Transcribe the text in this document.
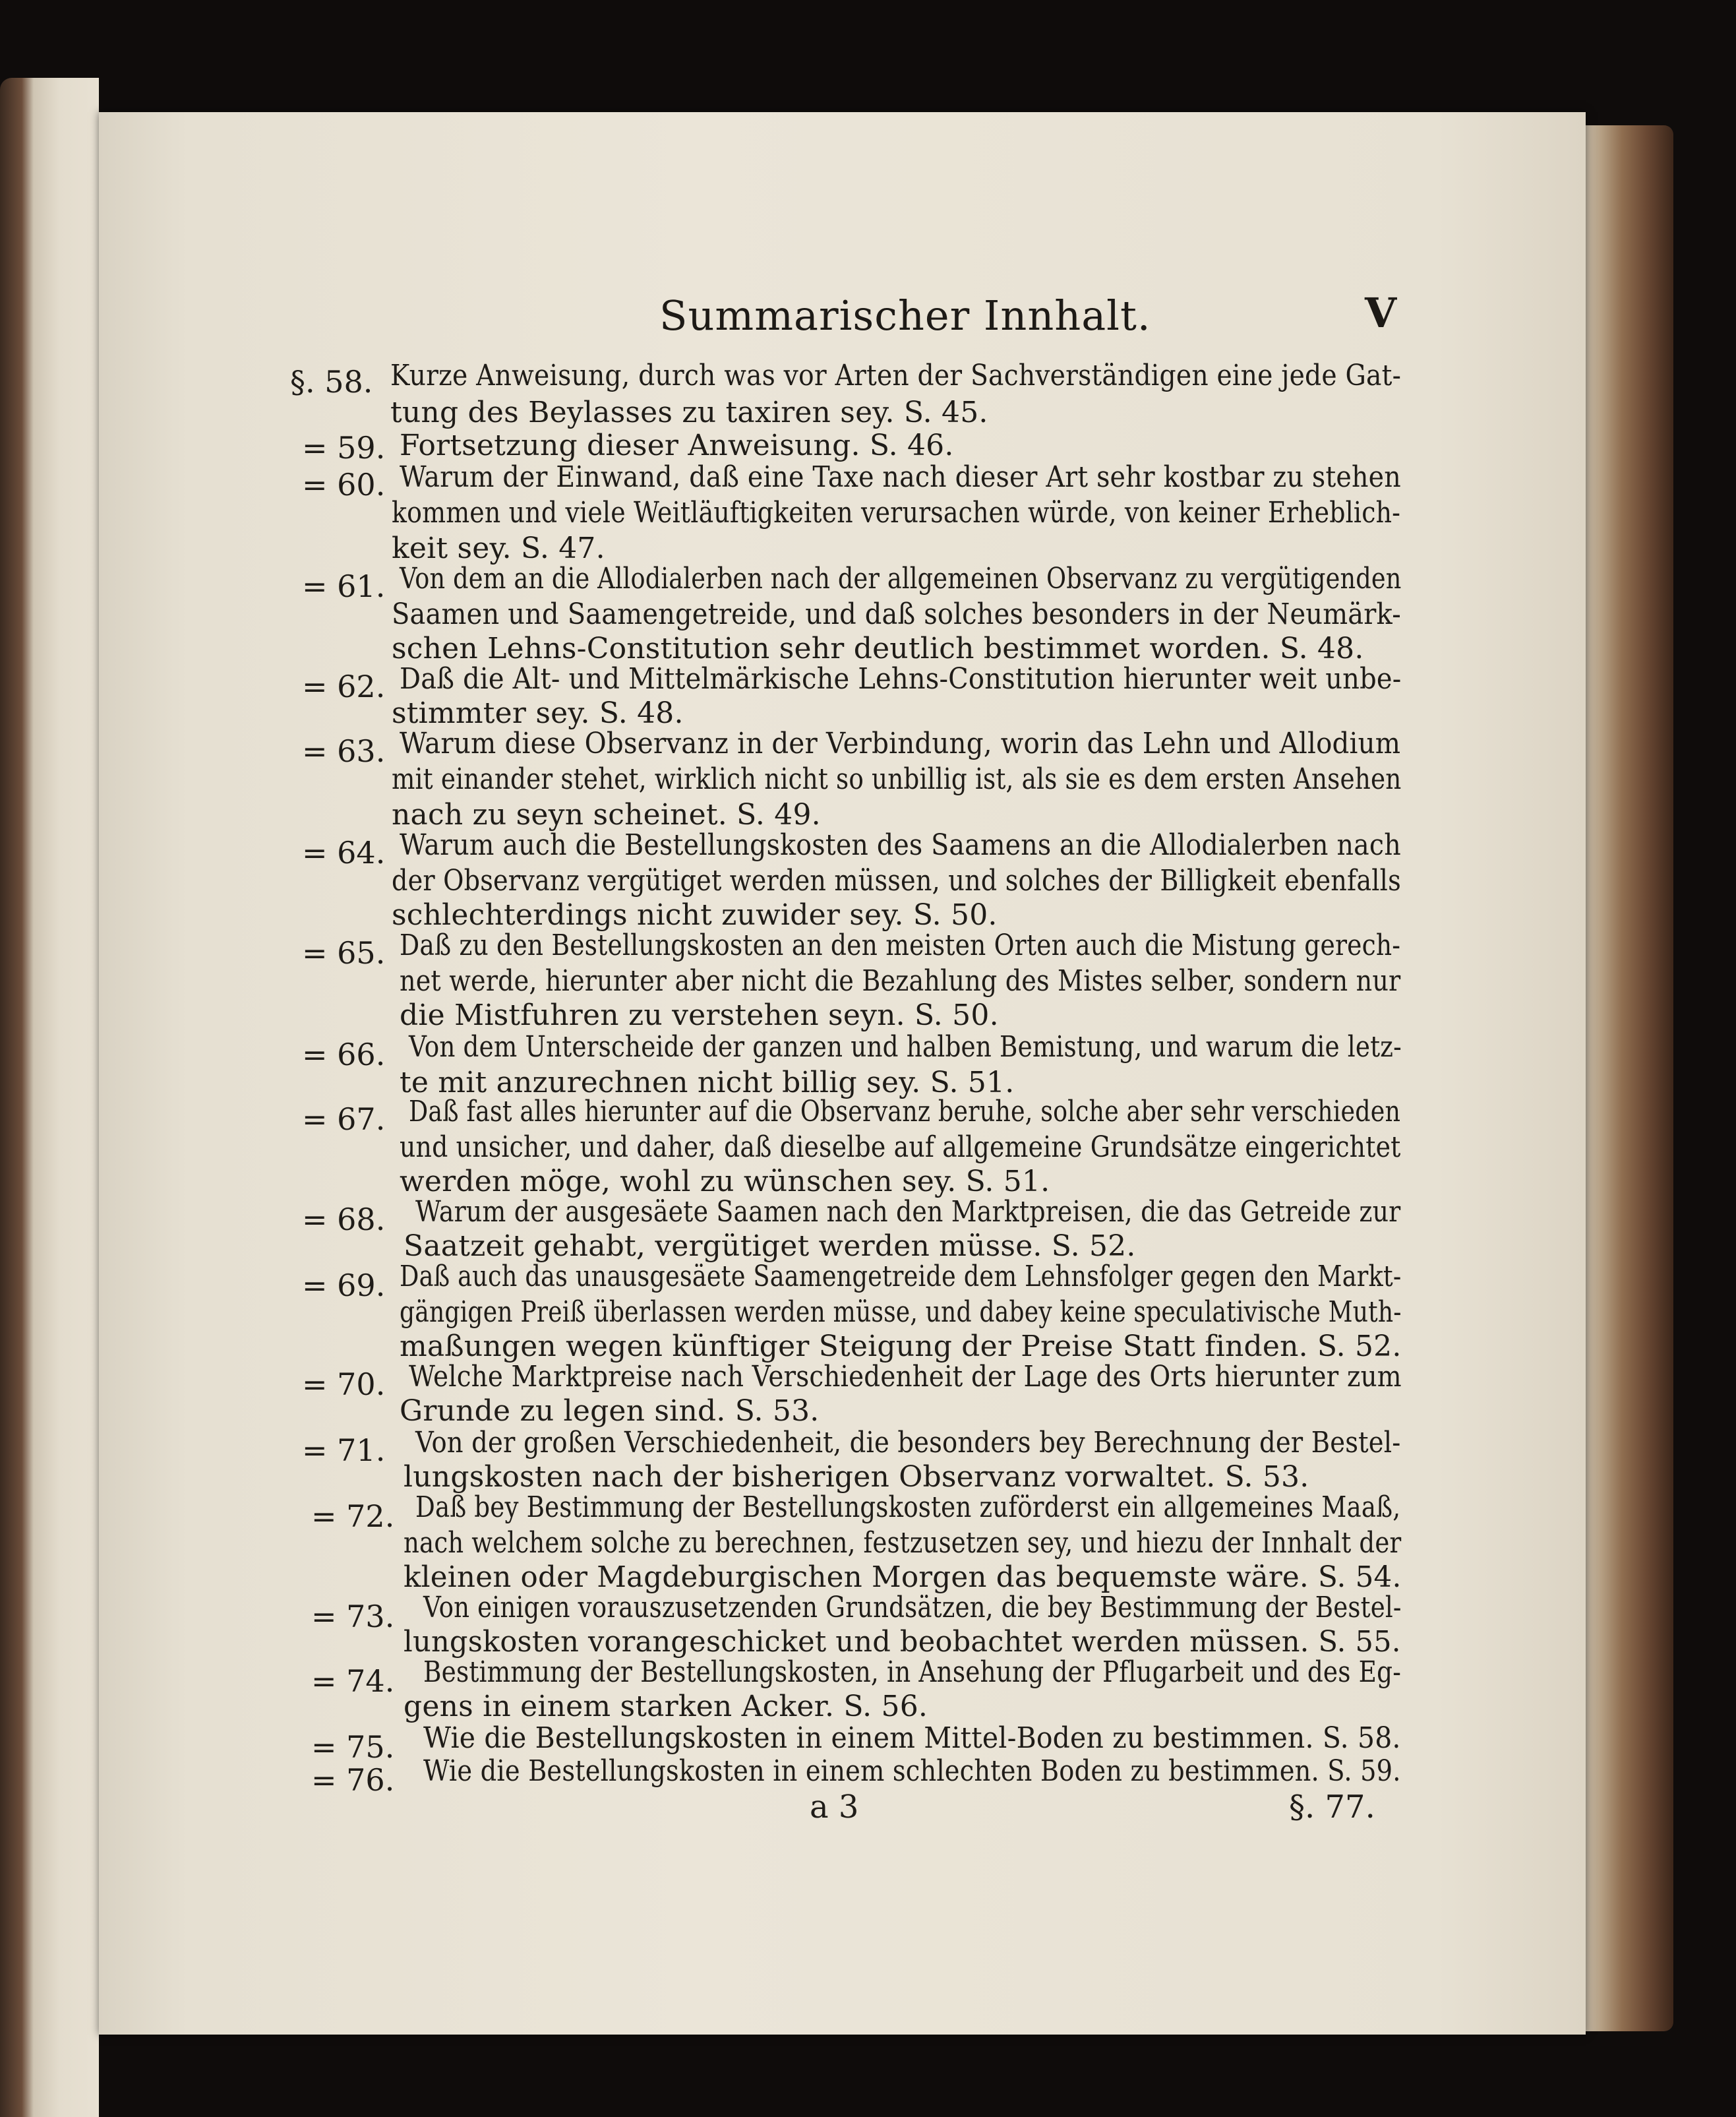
Summarischer Innhalt.	V
§. 58. Kurze Anweisung, durch was vor Arten der Sachverständigen eine jede Gat-
tung des Beylasses zu taxiren sey. S. 45.
= 59. Fortsetzung dieser Anweisung. S. 46.
= 60. Warum der Einwand, daß eine Taxe nach dieser Art sehr kostbar zu stehen
kommen und viele Weitläuftigkeiten verursachen würde, von keiner Erheblich-
keit sey. S. 47.
= 61. Von dem an die Allodialerben nach der allgemeinen Observanz zu vergütigenden
Saamen und Saamengetreide, und daß solches besonders in der Neumärk-
schen Lehns-Constitution sehr deutlich bestimmet worden. S. 48.
= 62. Daß die Alt- und Mittelmärkische Lehns-Constitution hierunter weit unbe-
stimmter sey. S. 48.
= 63. Warum diese Observanz in der Verbindung, worin das Lehn und Allodium
mit einander stehet, wirklich nicht so unbillig ist, als sie es dem ersten Ansehen
nach zu seyn scheinet. S. 49.
= 64. Warum auch die Bestellungskosten des Saamens an die Allodialerben nach
der Observanz vergütiget werden müssen, und solches der Billigkeit ebenfalls
schlechterdings nicht zuwider sey. S. 50.
= 65. Daß zu den Bestellungskosten an den meisten Orten auch die Mistung gerech-
net werde, hierunter aber nicht die Bezahlung des Mistes selber, sondern nur
die Mistfuhren zu verstehen seyn. S. 50.
= 66. Von dem Unterscheide der ganzen und halben Bemistung, und warum die letz-
te mit anzurechnen nicht billig sey. S. 51.
= 67. Daß fast alles hierunter auf die Observanz beruhe, solche aber sehr verschieden
und unsicher, und daher, daß dieselbe auf allgemeine Grundsätze eingerichtet
werden möge, wohl zu wünschen sey. S. 51.
= 68.	Warum der ausgesäete Saamen nach den Marktpreisen, die das Getreide zur
Saatzeit gehabt, vergütiget werden müsse. S. 52.
= 69. Daß auch das unausgesäete Saamengetreide dem Lehnsfolger gegen den Markt-
gängigen Preiß überlassen werden müsse, und dabey keine speculativische Muth-
maßungen wegen künftiger Steigung der Preise Statt finden. S. 52.
= 70. Welche Marktpreise nach Verschiedenheit der Lage des Orts hierunter zum
Grunde zu legen sind. S. 53.
= 71.	Von der großen Verschiedenheit, die besonders bey Berechnung der Bestel-
lungskosten nach der bisherigen Observanz vorwaltet. S. 53.
= 72. Daß bey Bestimmung der Bestellungskosten zuförderst ein allgemeines Maaß,
nach welchem solche zu berechnen, festzusetzen sey, und hiezu der Innhalt der
kleinen oder Magdeburgischen Morgen das bequemste wäre. S. 54.
= 73. Von einigen vorauszusetzenden Grundsätzen, die bey Bestimmung der Bestel-
lungskosten vorangeschicket und beobachtet werden müssen. S. 55.
= 74. Bestimmung der Bestellungskosten, in Ansehung der Pflugarbeit und des Eg-
gens in einem starken Acker. S. 56.
= 75. Wie die Bestellungskosten in einem Mittel-Boden zu bestimmen. S. 58.
= 76. Wie die Bestellungskosten in einem schlechten Boden zu bestimmen. S. 59.
a 3	§. 77.
